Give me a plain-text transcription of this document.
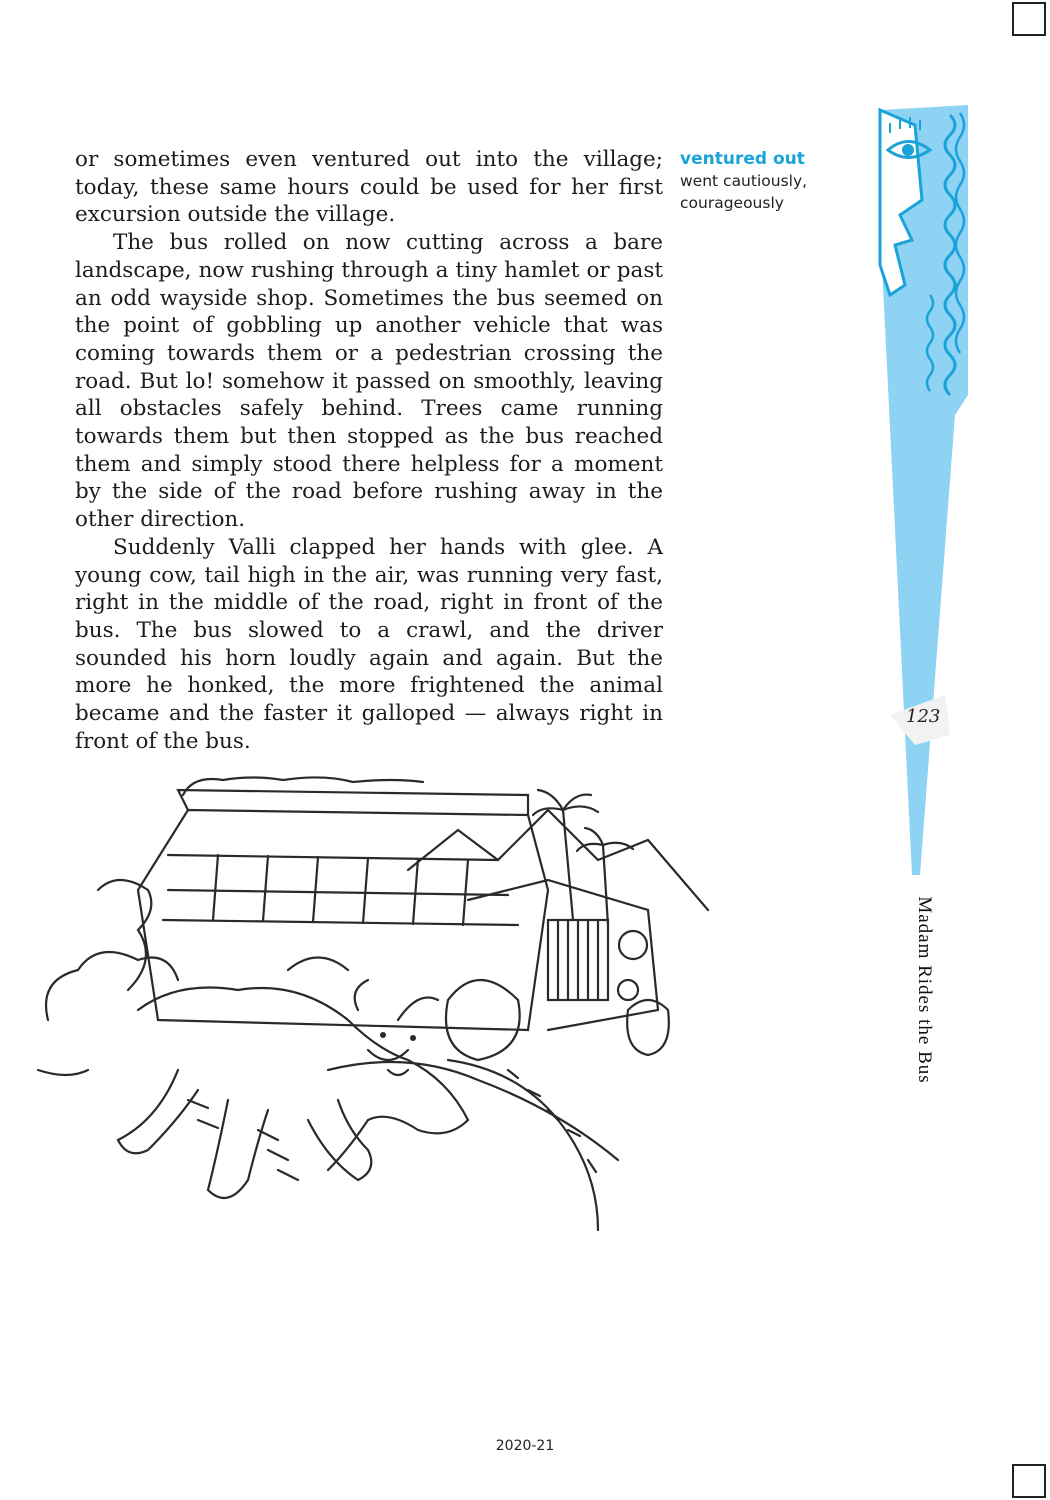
or sometimes even ventured out into the village; today, these same hours could be used for her first excursion outside the village.

The bus rolled on now cutting across a bare landscape, now rushing through a tiny hamlet or past an odd wayside shop. Sometimes the bus seemed on the point of gobbling up another vehicle that was coming towards them or a pedestrian crossing the road. But lo! somehow it passed on smoothly, leaving all obstacles safely behind. Trees came running towards them but then stopped as the bus reached them and simply stood there helpless for a moment by the side of the road before rushing away in the other direction.

Suddenly Valli clapped her hands with glee. A young cow, tail high in the air, was running very fast, right in the middle of the road, right in front of the bus. The bus slowed to a crawl, and the driver sounded his horn loudly again and again. But the more he honked, the more frightened the animal became and the faster it galloped — always right in front of the bus.

ventured out
went cautiously,
courageously
123
Madam Rides the Bus
2020-21
